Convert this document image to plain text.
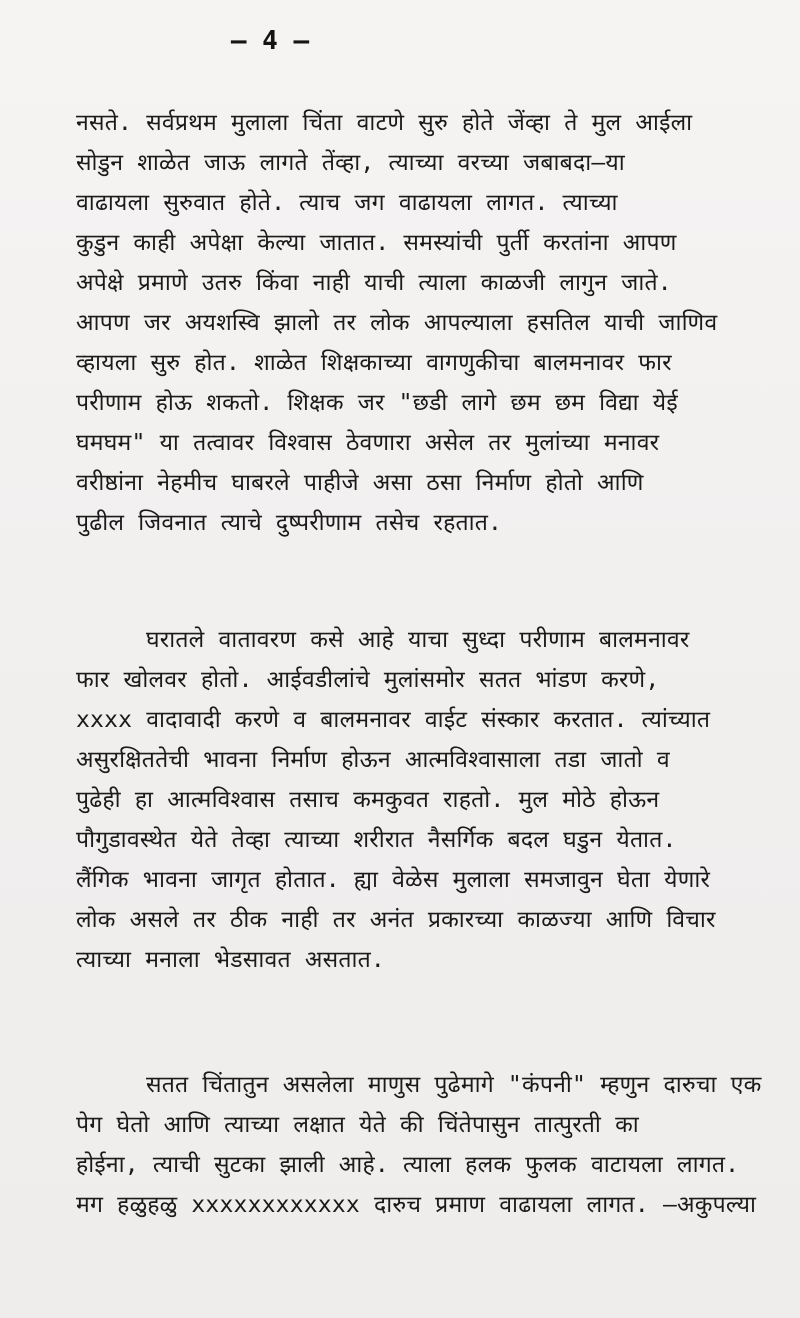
– 4 –
नसते. सर्वप्रथम मुलाला चिंता वाटणे सुरु होते जेंव्हा ते मुल आईला
सोडुन शाळेत जाऊ लागते तेंव्हा, त्याच्या वरच्या जबाबदा–या
वाढायला सुरुवात होते. त्याच जग वाढायला लागत. त्याच्या
कुडुन काही अपेक्षा केल्या जातात. समस्यांची पुर्ती करतांना आपण
अपेक्षे प्रमाणे उतरु किंवा नाही याची त्याला काळजी लागुन जाते.
आपण जर अयशस्वि झालो तर लोक आपल्याला हसतिल याची जाणिव
व्हायला सुरु होत. शाळेत शिक्षकाच्या वागणुकीचा बालमनावर फार
परीणाम होऊ शकतो. शिक्षक जर "छडी लागे छम छम विद्या येई
घमघम" या तत्वावर विश्वास ठेवणारा असेल तर मुलांच्या मनावर
वरीष्ठांना नेहमीच घाबरले पाहीजे असा ठसा निर्माण होतो आणि
पुढील जिवनात त्याचे दुष्परीणाम तसेच रहतात.
घरातले वातावरण कसे आहे याचा सुध्दा परीणाम बालमनावर
फार खोलवर होतो. आईवडीलांचे मुलांसमोर सतत भांडण करणे,
xxxx वादावादी करणे व बालमनावर वाईट संस्कार करतात. त्यांच्यात
असुरक्षिततेची भावना निर्माण होऊन आत्मविश्वासाला तडा जातो व
पुढेही हा आत्मविश्वास तसाच कमकुवत राहतो. मुल मोठे होऊन
पौगुडावस्थेत येते तेव्हा त्याच्या शरीरात नैसर्गिक बदल घडुन येतात.
लैंगिक भावना जागृत होतात. ह्या वेळेस मुलाला समजावुन घेता येणारे
लोक असले तर ठीक नाही तर अनंत प्रकारच्या काळज्या आणि विचार
त्याच्या मनाला भेडसावत असतात.
सतत चिंतातुन असलेला माणुस पुढेमागे "कंपनी" म्हणुन दारुचा एक
पेग घेतो आणि त्याच्या लक्षात येते की चिंतेपासुन तात्पुरती का
होईना, त्याची सुटका झाली आहे. त्याला हलक फुलक वाटायला लागत.
मग हळुहळु xxxxxxxxxxxx दारुच प्रमाण वाढायला लागत. –अकुपल्या
